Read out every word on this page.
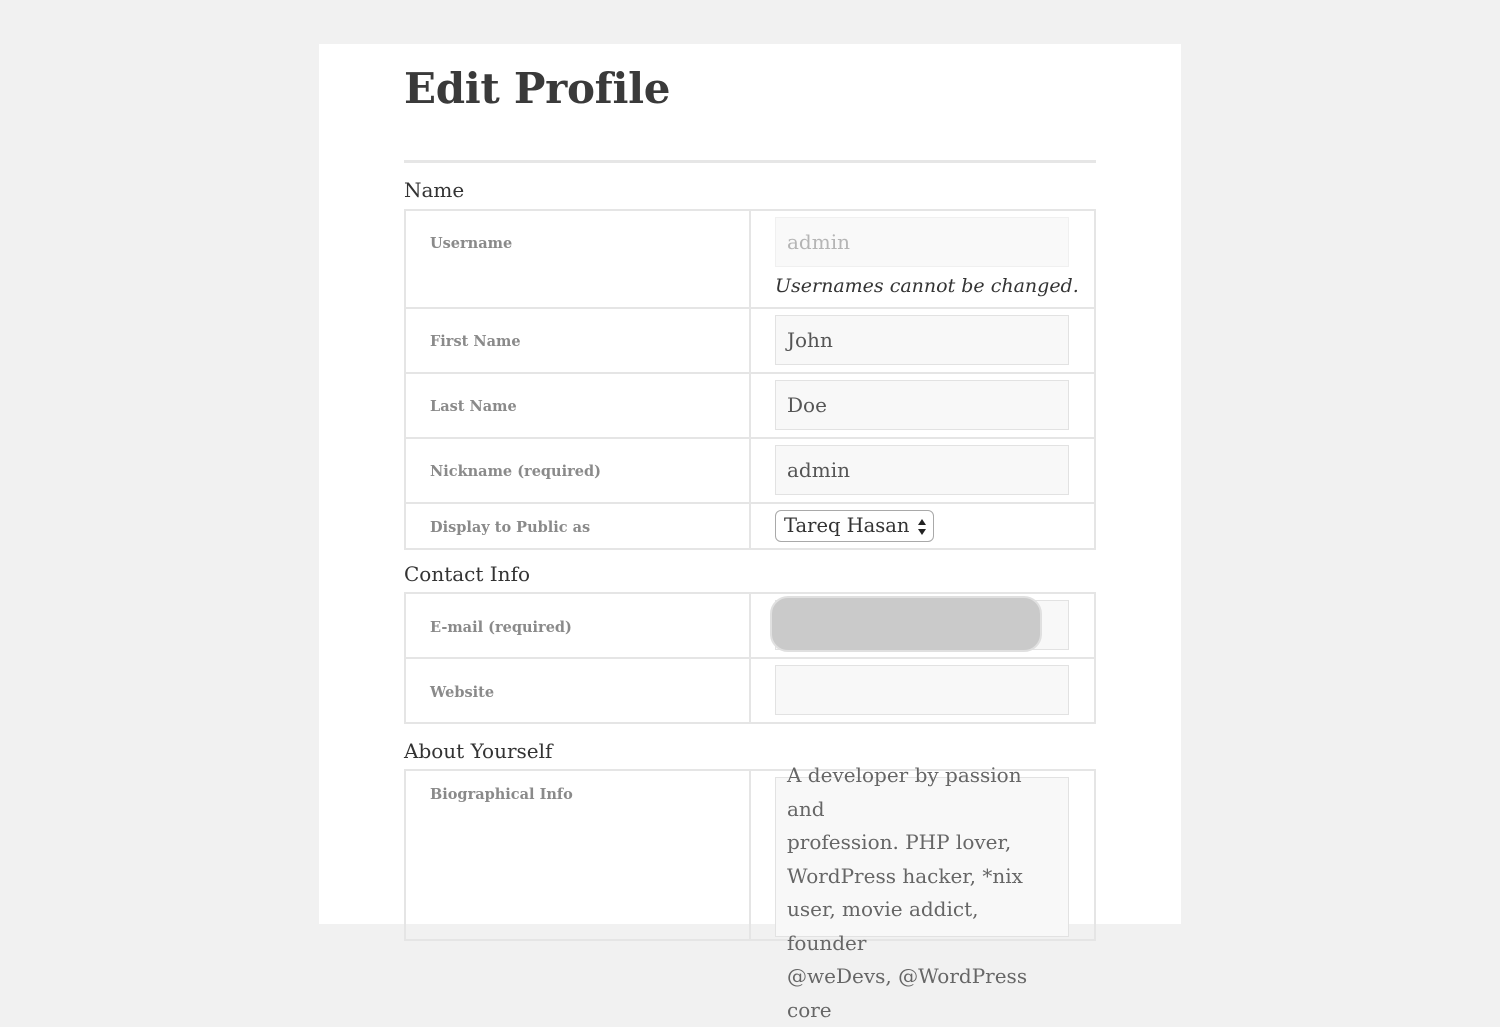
Edit Profile
Name
Username	admin
Usernames cannot be changed.

First Name	John

Last Name	Doe

Nickname (required)	admin

Display to Public as	Tareq Hasan
Contact Info
E-mail (required)	

Website	

About Yourself
Biographical Info

A developer by passion and
profession. PHP lover,
WordPress hacker, *nix
user, movie addict, founder
@weDevs, @WordPress core
